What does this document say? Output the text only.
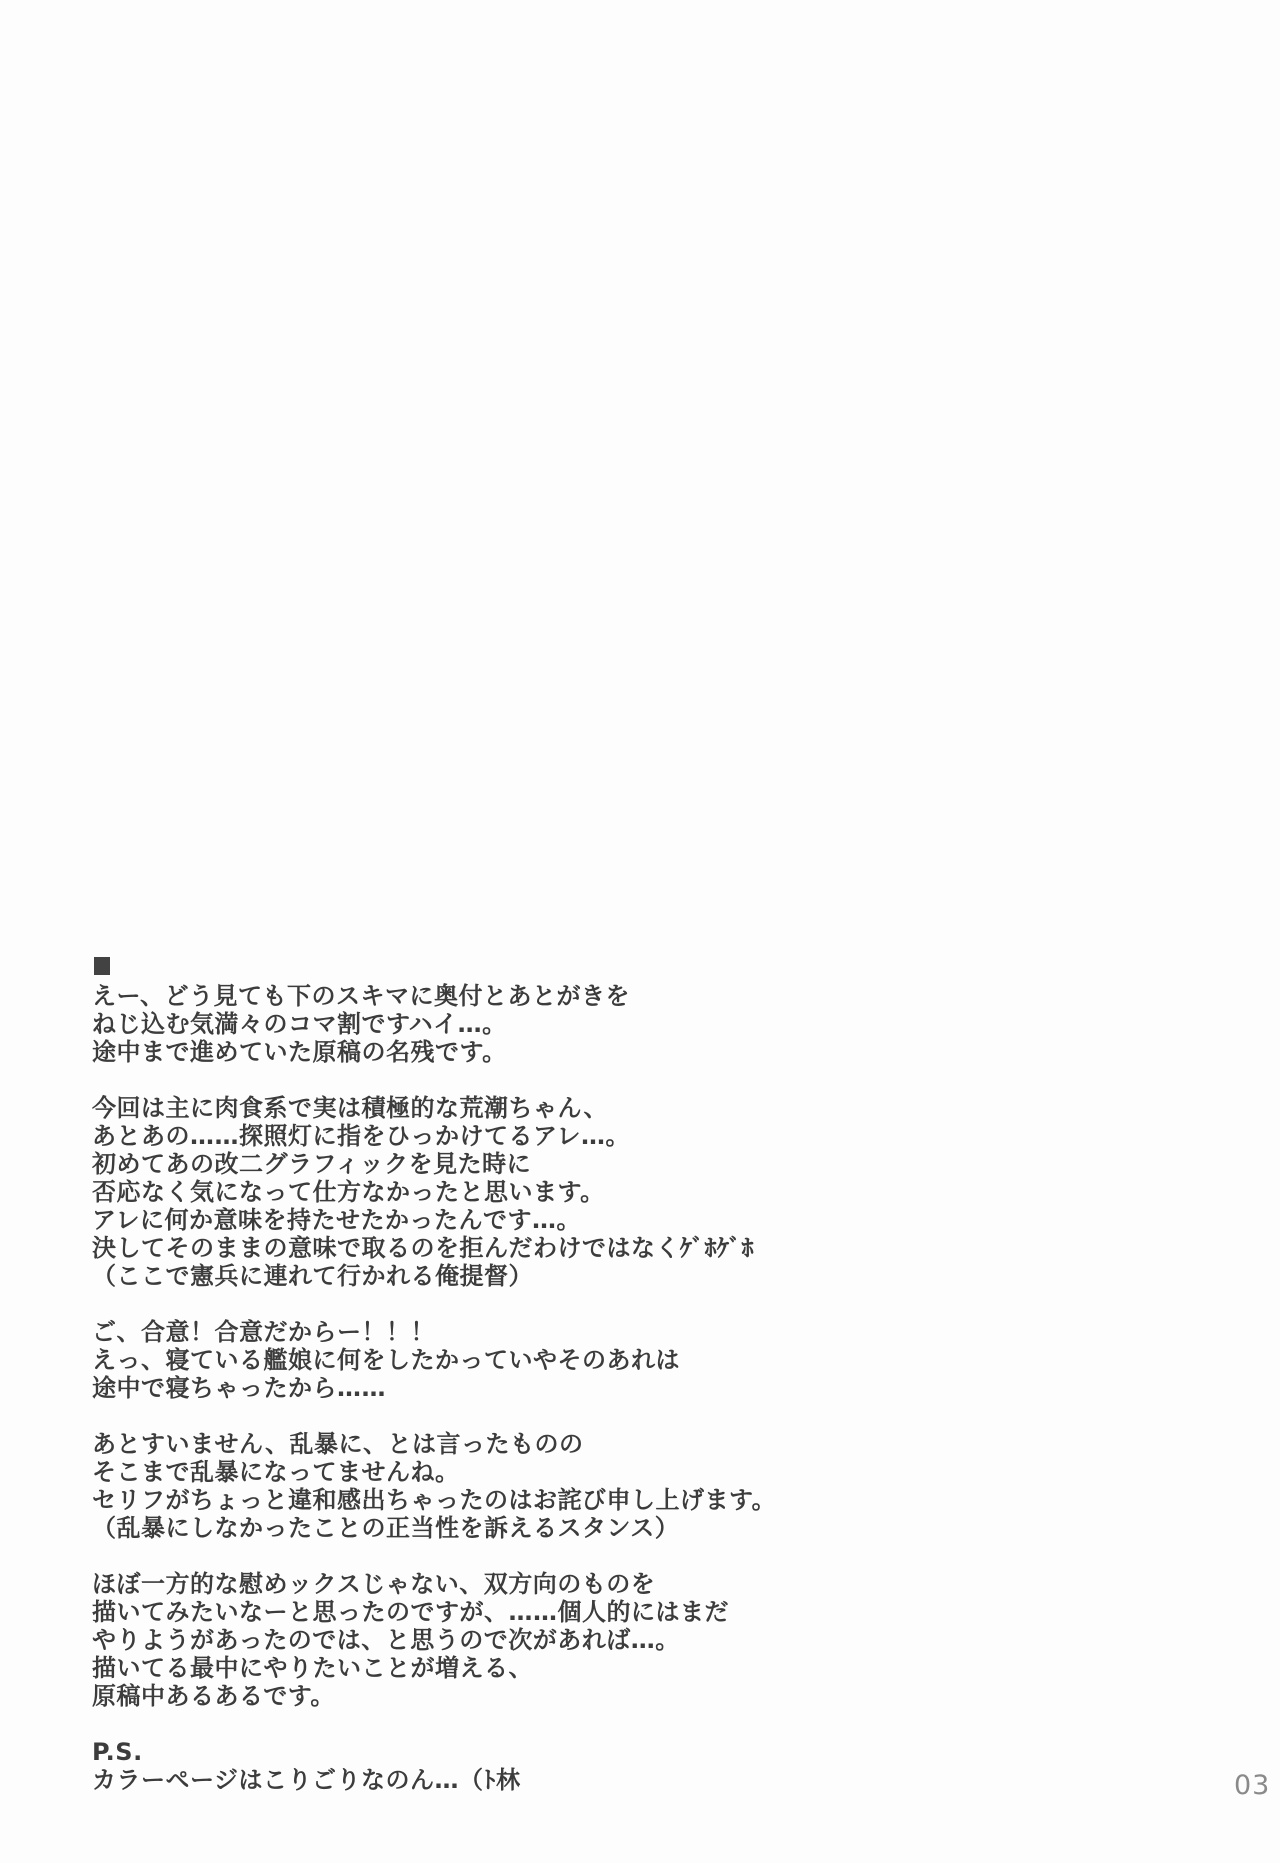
えー、どう見ても下のスキマに奥付とあとがきを
ねじ込む気満々のコマ割ですハイ…。
途中まで進めていた原稿の名残です。
今回は主に肉食系で実は積極的な荒潮ちゃん、
あとあの……探照灯に指をひっかけてるアレ…。
初めてあの改二グラフィックを見た時に
否応なく気になって仕方なかったと思います。
アレに何か意味を持たせたかったんです…。
決してそのままの意味で取るのを拒んだわけではなくｹﾞﾎｹﾞﾎ
（ここで憲兵に連れて行かれる俺提督）
ご、合意！合意だからー！！！
えっ、寝ている艦娘に何をしたかっていやそのあれは
途中で寝ちゃったから……
あとすいません、乱暴に、とは言ったものの
そこまで乱暴になってませんね。
セリフがちょっと違和感出ちゃったのはお詫び申し上げます。
（乱暴にしなかったことの正当性を訴えるスタンス）
ほぼ一方的な慰めックスじゃない、双方向のものを
描いてみたいなーと思ったのですが、……個人的にはまだ
やりようがあったのでは、と思うので次があれば…。
描いてる最中にやりたいことが増える、
原稿中あるあるです。
P.S.
カラーページはこりごりなのん…（ﾄ林	03
